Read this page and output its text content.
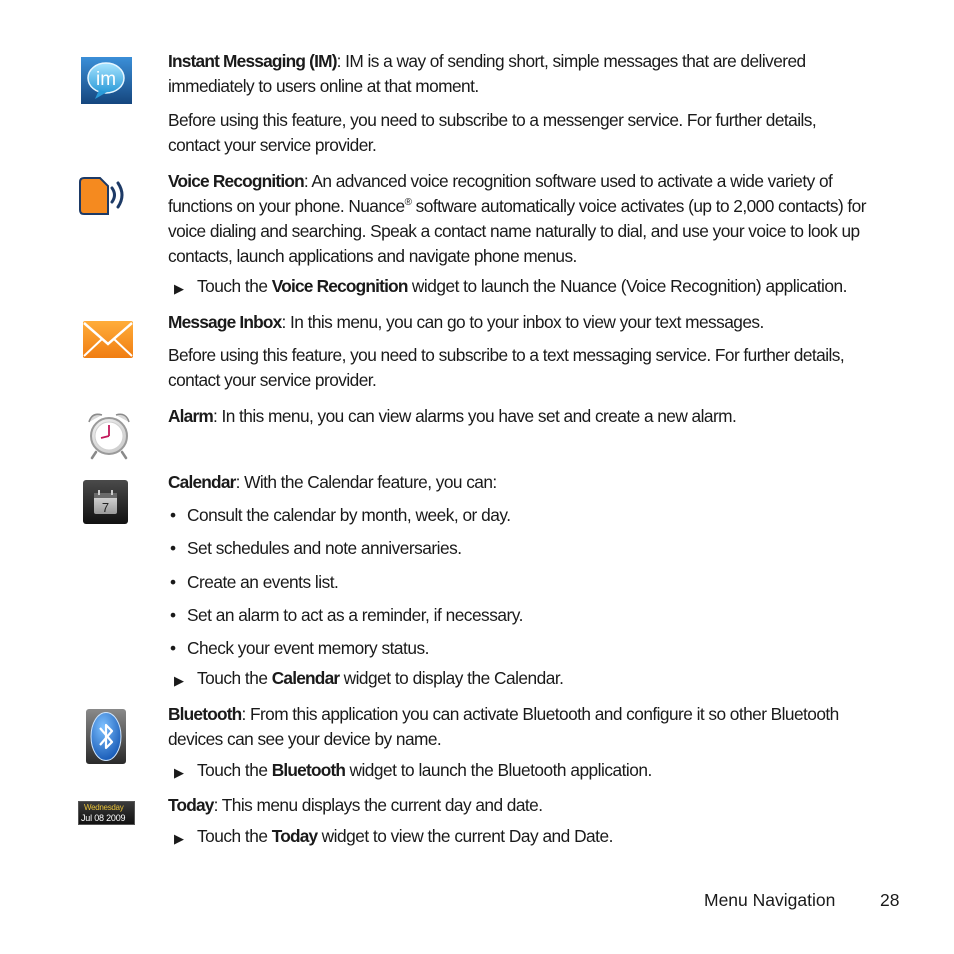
im

Instant Messaging (IM): IM is a way of sending short, simple messages that are delivered immediately to users online at that moment.

Before using this feature, you need to subscribe to a messenger service. For further details, contact your service provider.

Voice Recognition: An advanced voice recognition software used to activate a wide variety of functions on your phone. Nuance® software automatically voice activates (up to 2,000 contacts) for voice dialing and searching. Speak a contact name naturally to dial, and use your voice to look up contacts, launch applications and navigate phone menus.

▶ Touch the Voice Recognition widget to launch the Nuance (Voice Recognition) application.

Message Inbox: In this menu, you can go to your inbox to view your text messages.

Before using this feature, you need to subscribe to a text messaging service. For further details, contact your service provider.

Alarm: In this menu, you can view alarms you have set and create a new alarm.

7

Calendar: With the Calendar feature, you can:

• Consult the calendar by month, week, or day.
• Set schedules and note anniversaries.
• Create an events list.
• Set an alarm to act as a reminder, if necessary.
• Check your event memory status.
▶ Touch the Calendar widget to display the Calendar.

Bluetooth: From this application you can activate Bluetooth and configure it so other Bluetooth devices can see your device by name.

▶ Touch the Bluetooth widget to launch the Bluetooth application.
Wednesday
Jul 08 2009

Today: This menu displays the current day and date.

▶ Touch the Today widget to view the current Day and Date.
Menu Navigation	28
